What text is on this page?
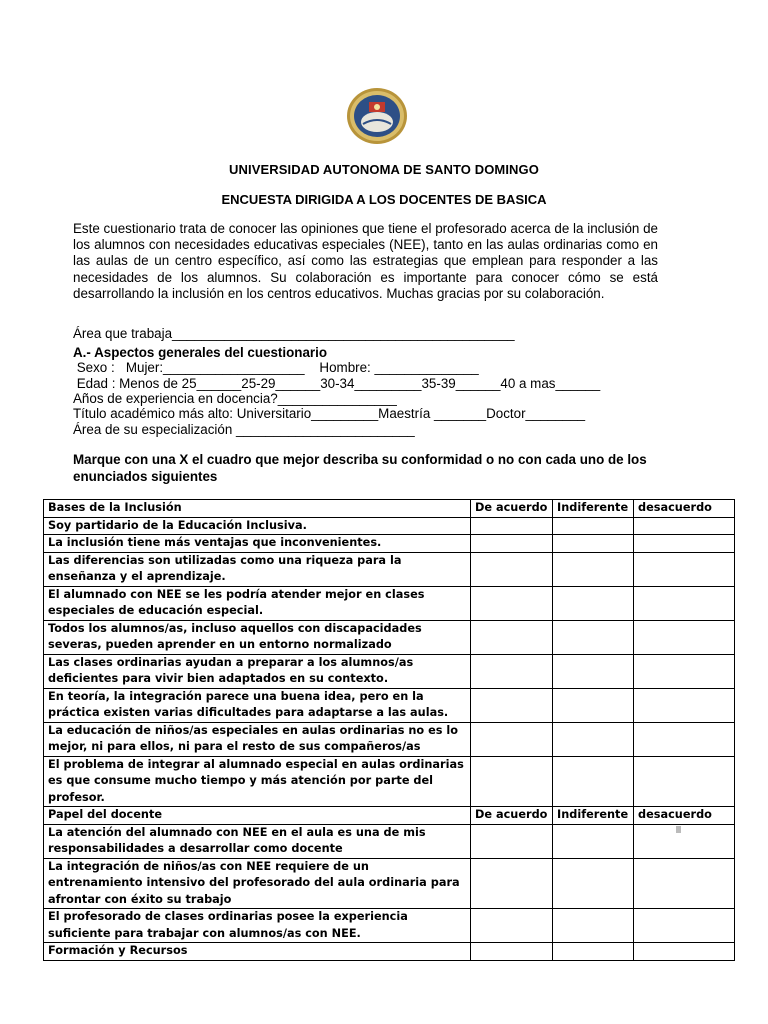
UNIVERSIDAD AUTONOMA DE SANTO DOMINGO
ENCUESTA DIRIGIDA A LOS DOCENTES DE BASICA
Este cuestionario trata de conocer las opiniones que tiene el profesorado acerca de la inclusión de los alumnos con necesidades educativas especiales (NEE), tanto en las aulas ordinarias como en las aulas de un centro específico, así como las estrategias que emplean para responder a las necesidades de los alumnos. Su colaboración es importante para conocer cómo se está desarrollando la inclusión en los centros educativos. Muchas gracias por su colaboración.
Área que trabaja______________________________________________
A.- Aspectos generales del cuestionario
Sexo :   Mujer:___________________    Hombre: ______________
Edad : Menos de 25______25-29______30-34_________35-39______40 a mas______
Años de experiencia en docencia?________________
Título académico más alto: Universitario_________Maestría _______Doctor________
Área de su especialización ________________________
Marque con una X el cuadro que mejor describa su conformidad o no con cada uno de los enunciados siguientes
Bases de la Inclusión	De acuerdo	Indiferente	desacuerdo
Soy partidario de la Educación Inclusiva.			
La inclusión tiene más ventajas que inconvenientes.			
Las diferencias son utilizadas como una riqueza para la enseñanza y el aprendizaje.			
El alumnado con NEE se les podría atender mejor en clases especiales de educación especial.			
Todos los alumnos/as, incluso aquellos con discapacidades severas, pueden aprender en un entorno normalizado			
Las clases ordinarias ayudan a preparar a los alumnos/as deficientes para vivir bien adaptados en su contexto.			
En teoría, la integración parece una buena idea, pero en la práctica existen varias dificultades para adaptarse a las aulas.			
La educación de niños/as especiales en aulas ordinarias no es lo mejor, ni para ellos, ni para el resto de sus compañeros/as			
El problema de integrar al alumnado especial en aulas ordinarias es que consume mucho tiempo y más atención por parte del profesor.			
Papel del docente	De acuerdo	Indiferente	desacuerdo
La atención del alumnado con NEE en el aula es una de mis responsabilidades a desarrollar como docente			
La integración de niños/as con NEE requiere de un entrenamiento intensivo del profesorado del aula ordinaria para afrontar con éxito su trabajo			
El profesorado de clases ordinarias posee la experiencia suficiente para trabajar con alumnos/as con NEE.			
Formación y Recursos			
